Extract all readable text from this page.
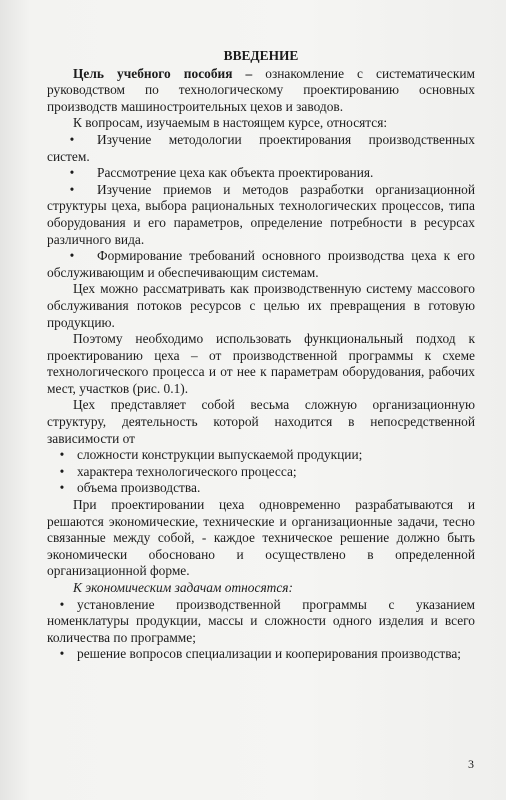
ВВЕДЕНИЕ

Цель учебного пособия – ознакомление с систематическим руководством по технологическому проектированию основных производств машиностроительных цехов и заводов.

К вопросам, изучаемым в настоящем курсе, относятся:

• Изучение методологии проектирования производственных систем.

• Рассмотрение цеха как объекта проектирования.

• Изучение приемов и методов разработки организационной структуры цеха, выбора рациональных технологических процессов, типа оборудования и его параметров, определение потребности в ресурсах различного вида.

• Формирование требований основного производства цеха к его обслуживающим и обеспечивающим системам.

Цех можно рассматривать как производственную систему массового обслуживания потоков ресурсов с целью их превращения в готовую продукцию.

Поэтому необходимо использовать функциональный подход к проектированию цеха – от производственной программы к схеме технологического процесса и от нее к параметрам оборудования, рабочих мест, участков (рис. 0.1).

Цех представляет собой весьма сложную организационную структуру, деятельность которой находится в непосредственной зависимости от

• сложности конструкции выпускаемой продукции;

• характера технологического процесса;

• объема производства.

При проектировании цеха одновременно разрабатываются и решаются экономические, технические и организационные задачи, тесно связанные между собой, - каждое техническое решение должно быть экономически обосновано и осуществлено в определенной организационной форме.

К экономическим задачам относятся:

• установление производственной программы с указанием номенклатуры продукции, массы и сложности одного изделия и всего количества по программе;

• решение вопросов специализации и кооперирования производства;

3
